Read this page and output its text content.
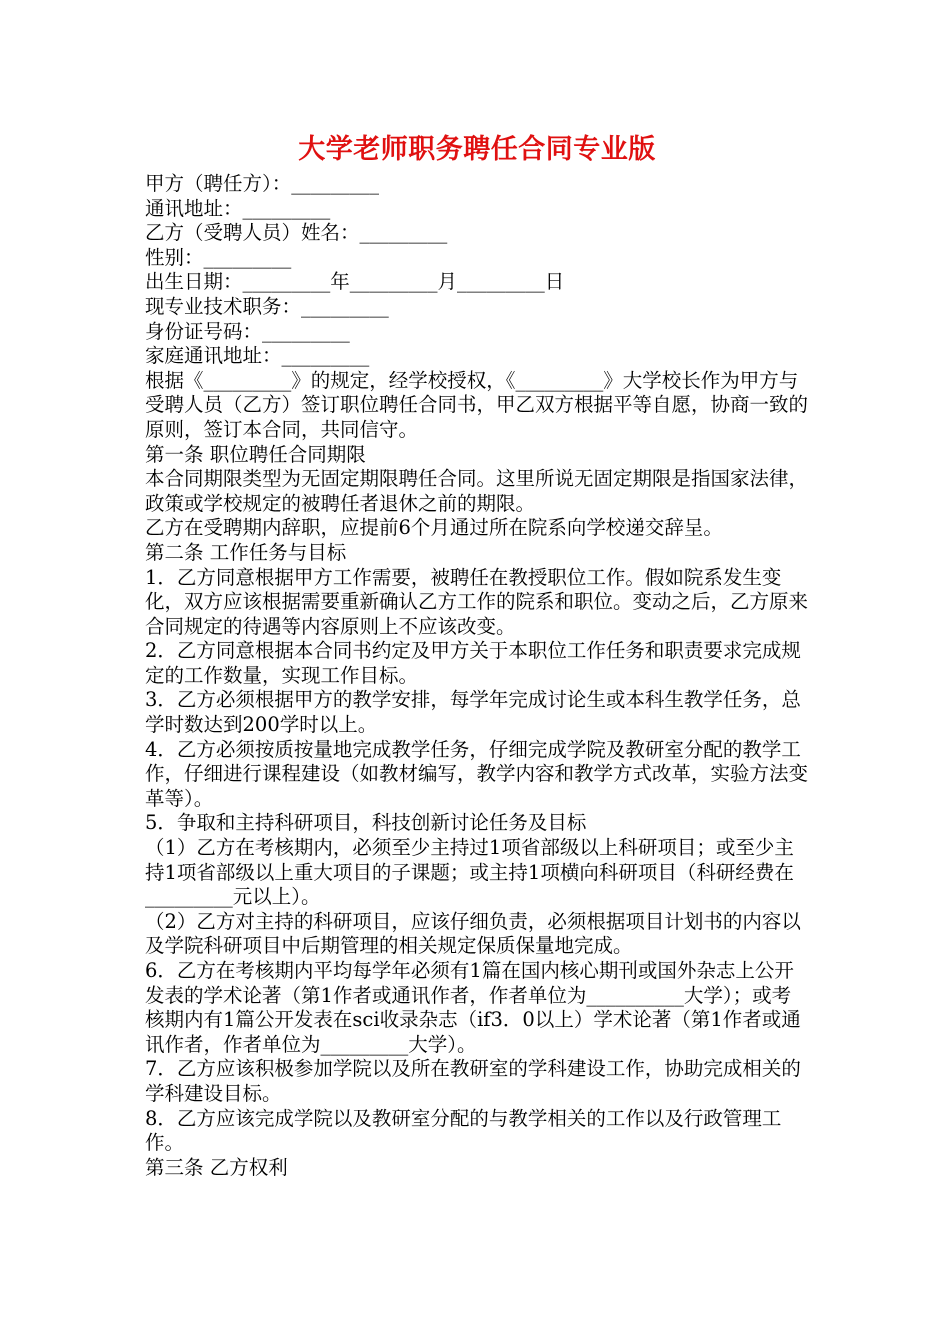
大学老师职务聘任合同专业版

甲方（聘任方）：_________

通讯地址：_________

乙方（受聘人员）姓名：_________

性别：_________

出生日期：_________年_________月_________日

现专业技术职务：_________

身份证号码：_________

家庭通讯地址：_________

根据《_________》的规定，经学校授权，《_________》大学校长作为甲方与受聘人员（乙方）签订职位聘任合同书，甲乙双方根据平等自愿，协商一致的原则，签订本合同，共同信守。

第一条 职位聘任合同期限

本合同期限类型为无固定期限聘任合同。这里所说无固定期限是指国家法律，政策或学校规定的被聘任者退休之前的期限。

乙方在受聘期内辞职，应提前6个月通过所在院系向学校递交辞呈。

第二条 工作任务与目标

1．乙方同意根据甲方工作需要，被聘任在教授职位工作。假如院系发生变化，双方应该根据需要重新确认乙方工作的院系和职位。变动之后，乙方原来合同规定的待遇等内容原则上不应该改变。

2．乙方同意根据本合同书约定及甲方关于本职位工作任务和职责要求完成规定的工作数量，实现工作目标。

3．乙方必须根据甲方的教学安排，每学年完成讨论生或本科生教学任务，总学时数达到200学时以上。

4．乙方必须按质按量地完成教学任务，仔细完成学院及教研室分配的教学工作，仔细进行课程建设（如教材编写，教学内容和教学方式改革，实验方法变革等）。

5．争取和主持科研项目，科技创新讨论任务及目标

（1）乙方在考核期内，必须至少主持过1项省部级以上科研项目；或至少主持1项省部级以上重大项目的子课题；或主持1项横向科研项目（科研经费在_________元以上）。

（2）乙方对主持的科研项目，应该仔细负责，必须根据项目计划书的内容以及学院科研项目中后期管理的相关规定保质保量地完成。

6．乙方在考核期内平均每学年必须有1篇在国内核心期刊或国外杂志上公开发表的学术论著（第1作者或通讯作者，作者单位为__________大学）；或考核期内有1篇公开发表在sci收录杂志（if3．0以上）学术论著（第1作者或通讯作者，作者单位为_________大学）。

7．乙方应该积极参加学院以及所在教研室的学科建设工作，协助完成相关的学科建设目标。

8．乙方应该完成学院以及教研室分配的与教学相关的工作以及行政管理工作。

第三条 乙方权利
